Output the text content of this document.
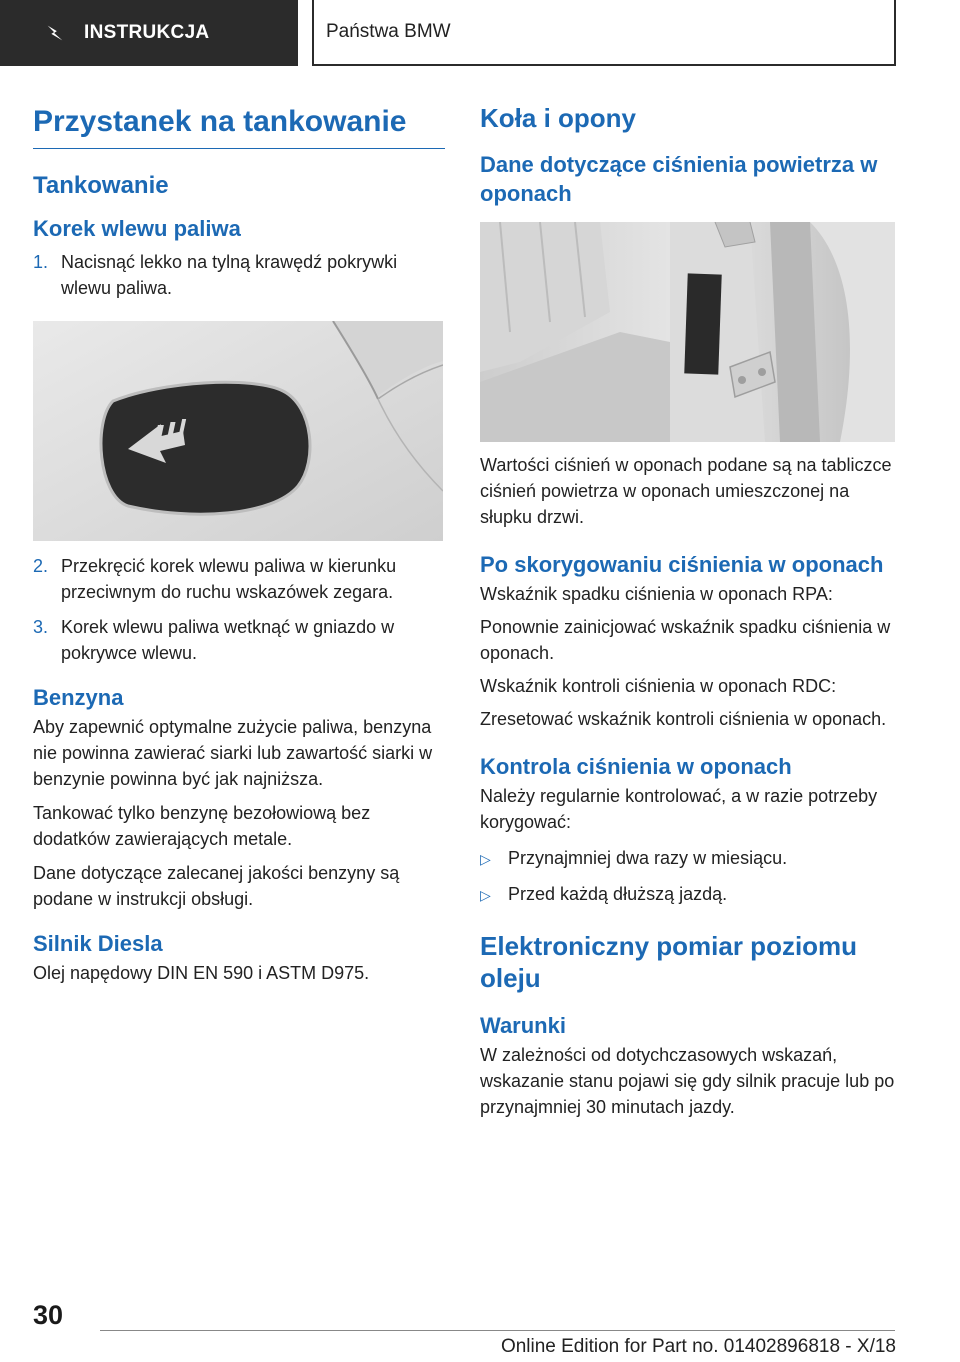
INSTRUKCJA	Państwa BMW
Przystanek na tankowanie
Tankowanie
Korek wlewu paliwa
1. Nacisnąć lekko na tylną krawędź pokrywki wlewu paliwa.
2. Przekręcić korek wlewu paliwa w kierunku przeciwnym do ruchu wskazówek zegara.
3. Korek wlewu paliwa wetknąć w gniazdo w pokrywce wlewu.
Benzyna

Aby zapewnić optymalne zużycie paliwa, benzyna nie powinna zawierać siarki lub zawartość siarki w benzynie powinna być jak najniższa.

Tankować tylko benzynę bezołowiową bez dodatków zawierających metale.

Dane dotyczące zalecanej jakości benzyny są podane w instrukcji obsługi.

Silnik Diesla

Olej napędowy DIN EN 590 i ASTM D975.

Koła i opony
Dane dotyczące ciśnienia powietrza w oponach

Wartości ciśnień w oponach podane są na tabliczce ciśnień powietrza w oponach umieszczonej na słupku drzwi.

Po skorygowaniu ciśnienia w oponach

Wskaźnik spadku ciśnienia w oponach RPA:

Ponownie zainicjować wskaźnik spadku ciśnienia w oponach.

Wskaźnik kontroli ciśnienia w oponach RDC:

Zresetować wskaźnik kontroli ciśnienia w oponach.

Kontrola ciśnienia w oponach

Należy regularnie kontrolować, a w razie potrzeby korygować:

▷ Przynajmniej dwa razy w miesiącu.
▷ Przed każdą dłuższą jazdą.
Elektroniczny pomiar poziomu oleju
Warunki

W zależności od dotychczasowych wskazań, wskazanie stanu pojawi się gdy silnik pracuje lub po przynajmniej 30 minutach jazdy.

30
Online Edition for Part no. 01402896818 - X/18
